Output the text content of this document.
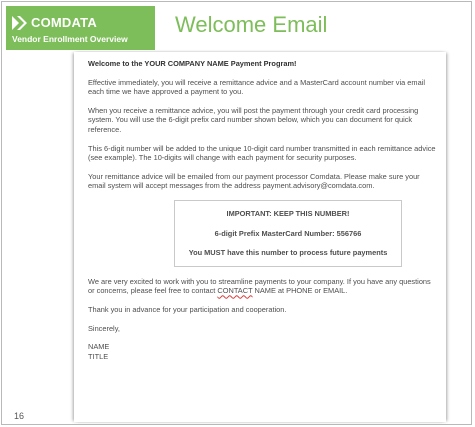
COMDATA
Vendor Enrollment Overview
Welcome Email

Welcome to the YOUR COMPANY NAME Payment Program!

Effective immediately, you will receive a remittance advice and a MasterCard account number via email each time we have approved a payment to you.

When you receive a remittance advice, you will post the payment through your credit card processing system. You will use the 6-digit prefix card number shown below, which you can document for quick reference.

This 6-digit number will be added to the unique 10-digit card number transmitted in each remittance advice (see example). The 10-digits will change with each payment for security purposes.

Your remittance advice will be emailed from our payment processor Comdata. Please make sure your email system will accept messages from the address payment.advisory@comdata.com.

IMPORTANT: KEEP THIS NUMBER!

6-digit Prefix MasterCard Number: 556766

You MUST have this number to process future payments

We are very excited to work with you to streamline payments to your company. If you have any questions or concerns, please feel free to contact CONTACT NAME at PHONE or EMAIL.

Thank you in advance for your participation and cooperation.

Sincerely,

NAME

TITLE

16
